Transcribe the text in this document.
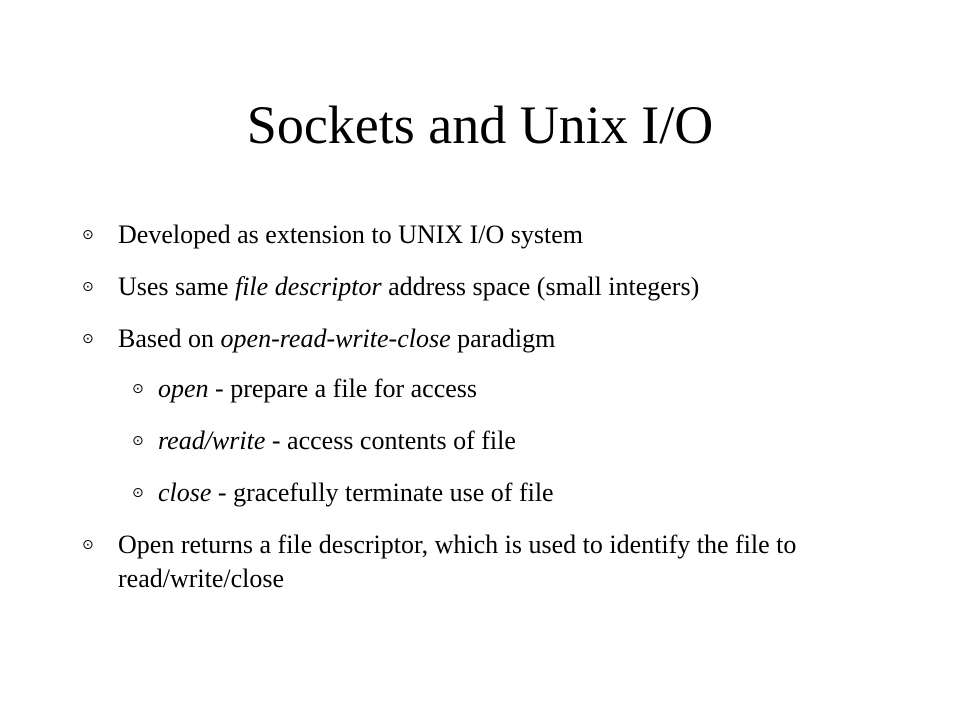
Sockets and Unix I/O
⊙ Developed as extension to UNIX I/O system
⊙ Uses same file descriptor address space (small integers)
⊙ Based on open-read-write-close paradigm
⊙ open - prepare a file for access
⊙ read/write - access contents of file
⊙ close - gracefully terminate use of file
⊙ Open returns a file descriptor, which is used to identify the file to read/write/close
